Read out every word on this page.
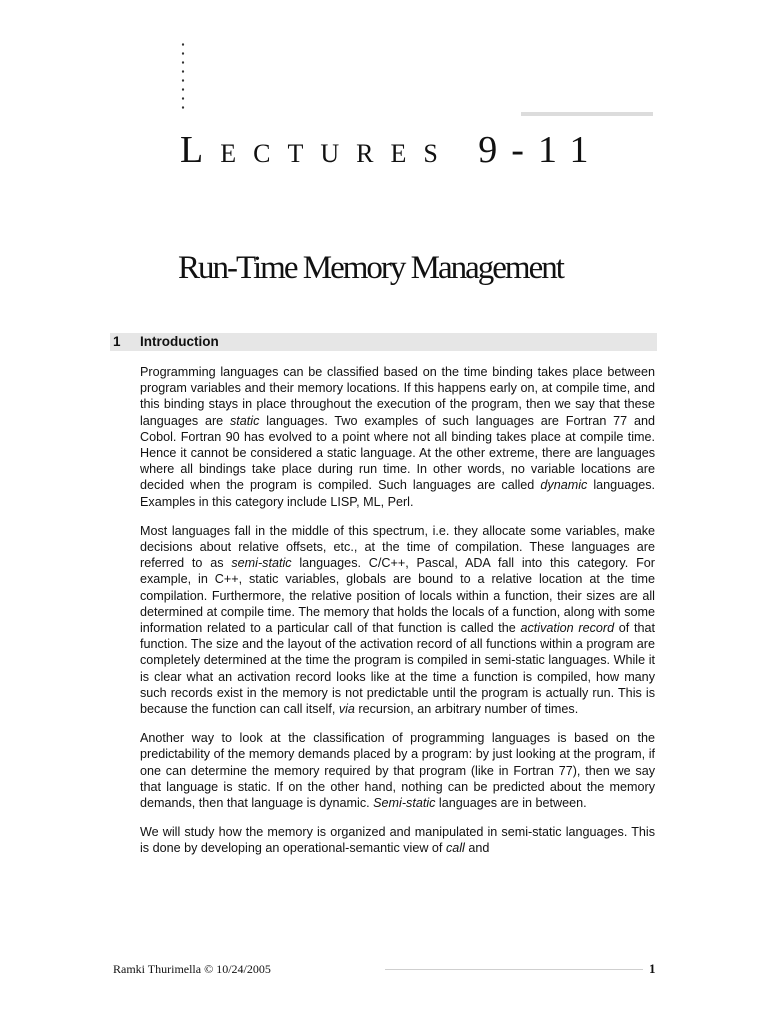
LECTURES 9-11
Run-Time Memory Management
1 Introduction

Programming languages can be classified based on the time binding takes place between program variables and their memory locations. If this happens early on, at compile time, and this binding stays in place throughout the execution of the program, then we say that these languages are static languages. Two examples of such languages are Fortran 77 and Cobol. Fortran 90 has evolved to a point where not all binding takes place at compile time. Hence it cannot be considered a static language. At the other extreme, there are languages where all bindings take place during run time. In other words, no variable locations are decided when the program is compiled. Such languages are called dynamic languages. Examples in this category include LISP, ML, Perl.

Most languages fall in the middle of this spectrum, i.e. they allocate some variables, make decisions about relative offsets, etc., at the time of compilation. These languages are referred to as semi-static languages. C/C++, Pascal, ADA fall into this category. For example, in C++, static variables, globals are bound to a relative location at the time compilation. Furthermore, the relative position of locals within a function, their sizes are all determined at compile time. The memory that holds the locals of a function, along with some information related to a particular call of that function is called the activation record of that function. The size and the layout of the activation record of all functions within a program are completely determined at the time the program is compiled in semi-static languages. While it is clear what an activation record looks like at the time a function is compiled, how many such records exist in the memory is not predictable until the program is actually run. This is because the function can call itself, via recursion, an arbitrary number of times.

Another way to look at the classification of programming languages is based on the predictability of the memory demands placed by a program: by just looking at the program, if one can determine the memory required by that program (like in Fortran 77), then we say that language is static. If on the other hand, nothing can be predicted about the memory demands, then that language is dynamic. Semi-static languages are in between.

We will study how the memory is organized and manipulated in semi-static languages. This is done by developing an operational-semantic view of call and

Ramki Thurimella © 10/24/2005	1
